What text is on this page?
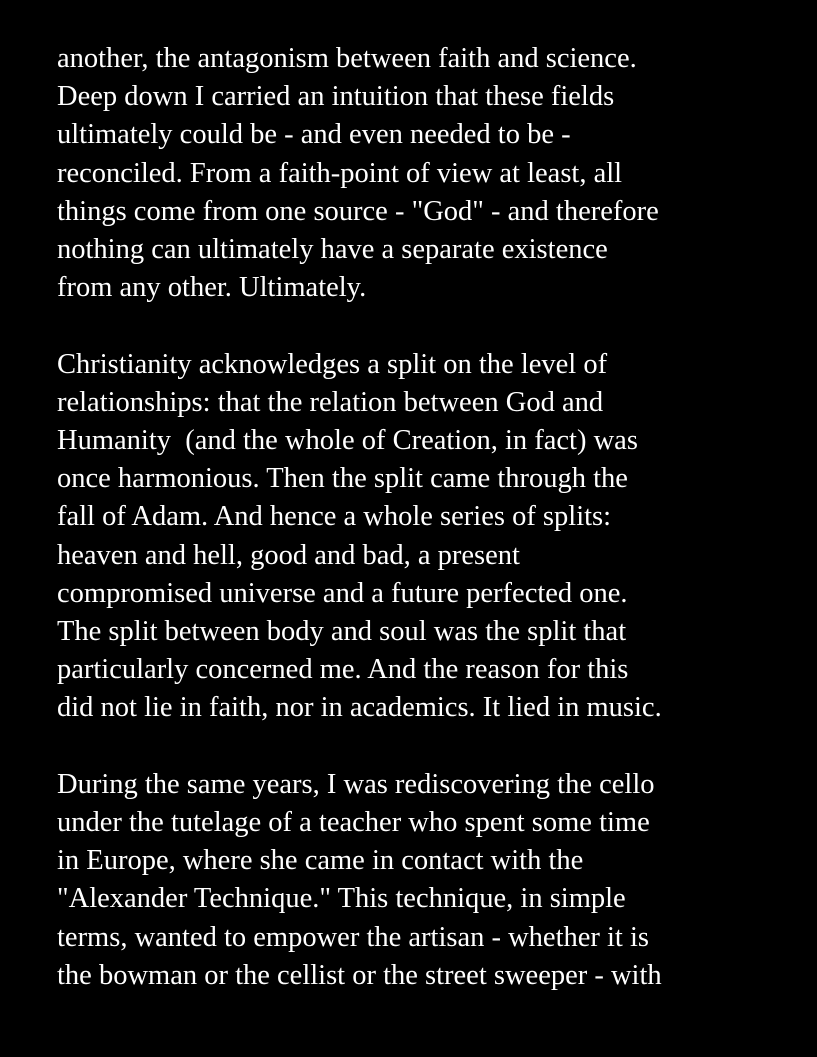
another, the antagonism between faith and science.
Deep down I carried an intuition that these fields
ultimately could be - and even needed to be -
reconciled. From a faith-point of view at least, all
things come from one source - "God" - and therefore
nothing can ultimately have a separate existence
from any other. Ultimately.

Christianity acknowledges a split on the level of
relationships: that the relation between God and
Humanity  (and the whole of Creation, in fact) was
once harmonious. Then the split came through the
fall of Adam. And hence a whole series of splits:
heaven and hell, good and bad, a present
compromised universe and a future perfected one.
The split between body and soul was the split that
particularly concerned me. And the reason for this
did not lie in faith, nor in academics. It lied in music.

During the same years, I was rediscovering the cello
under the tutelage of a teacher who spent some time
in Europe, where she came in contact with the
"Alexander Technique." This technique, in simple
terms, wanted to empower the artisan - whether it is
the bowman or the cellist or the street sweeper - with
